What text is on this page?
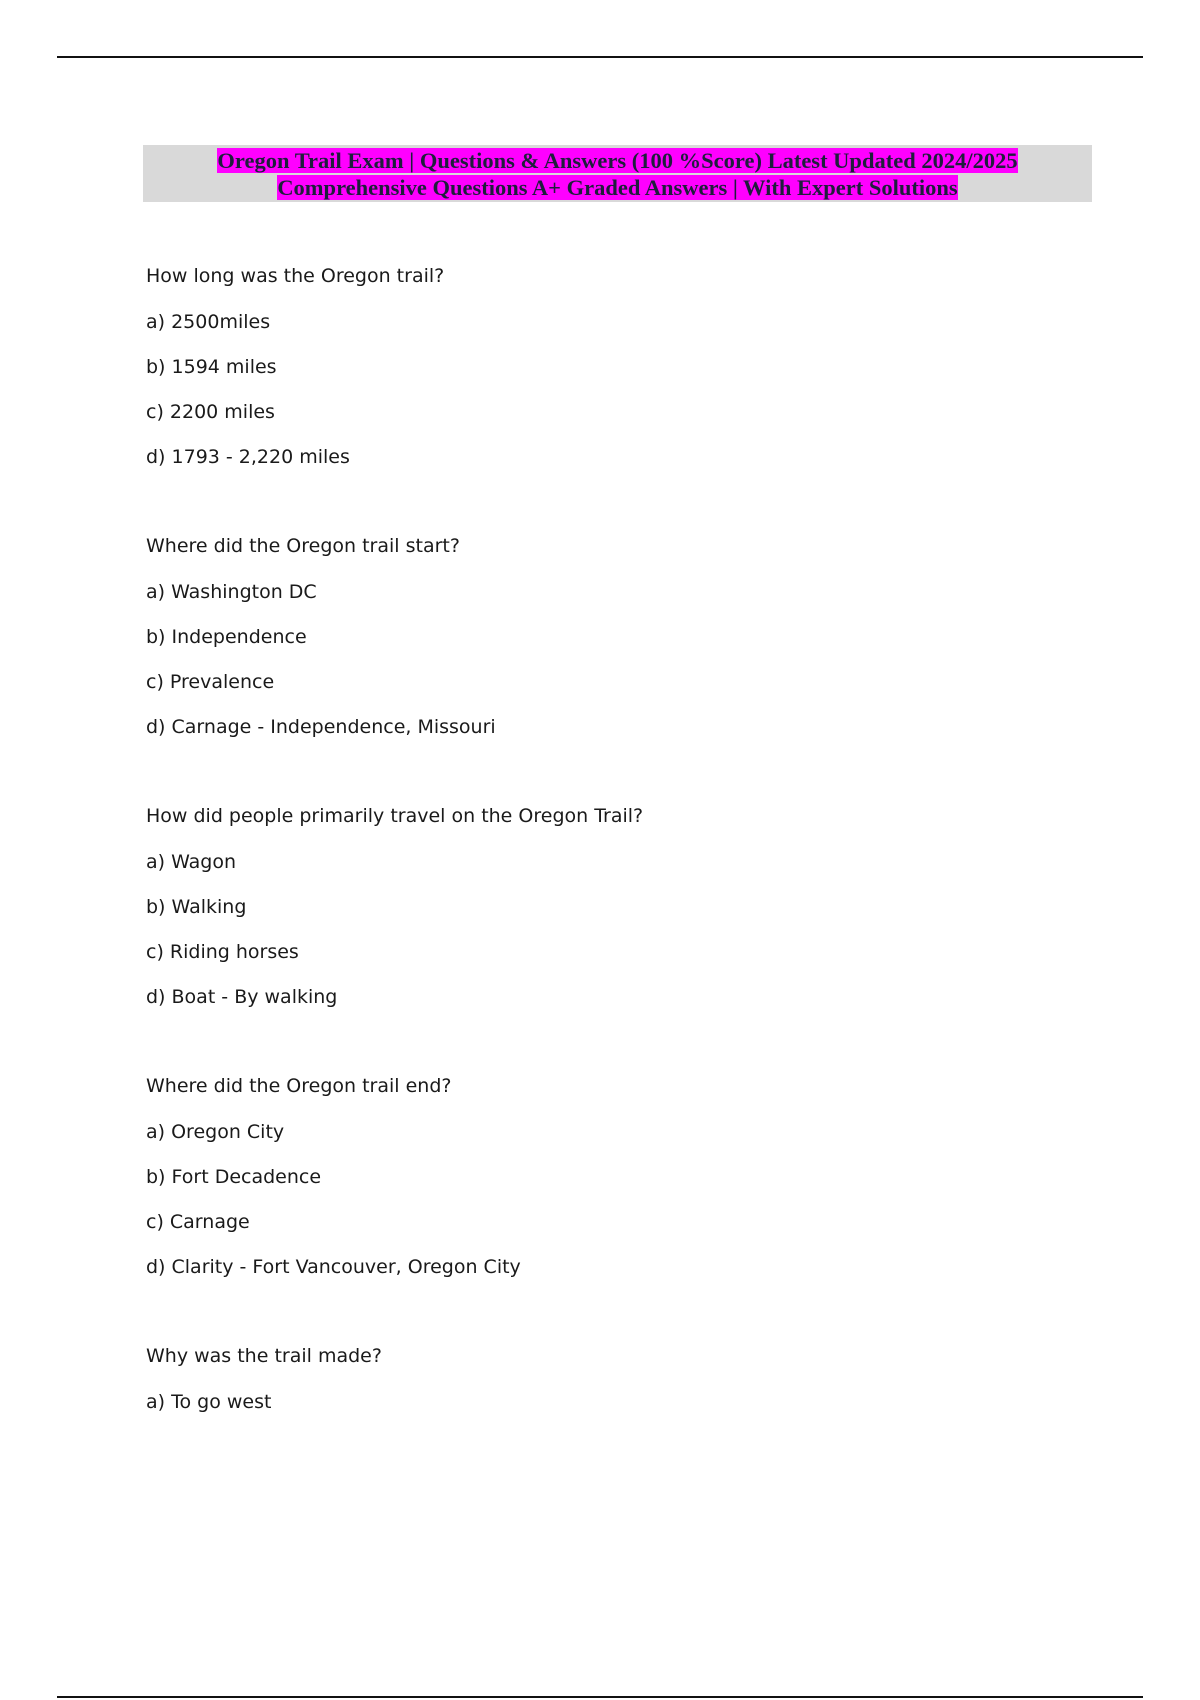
Oregon Trail Exam | Questions & Answers (100 %Score) Latest Updated 2024/2025
Comprehensive Questions A+ Graded Answers | With Expert Solutions

How long was the Oregon trail?

a) 2500miles

b) 1594 miles

c) 2200 miles

d) 1793 - 2,220 miles

Where did the Oregon trail start?

a) Washington DC

b) Independence

c) Prevalence

d) Carnage - Independence, Missouri

How did people primarily travel on the Oregon Trail?

a) Wagon

b) Walking

c) Riding horses

d) Boat - By walking

Where did the Oregon trail end?

a) Oregon City

b) Fort Decadence

c) Carnage

d) Clarity - Fort Vancouver, Oregon City

Why was the trail made?

a) To go west
